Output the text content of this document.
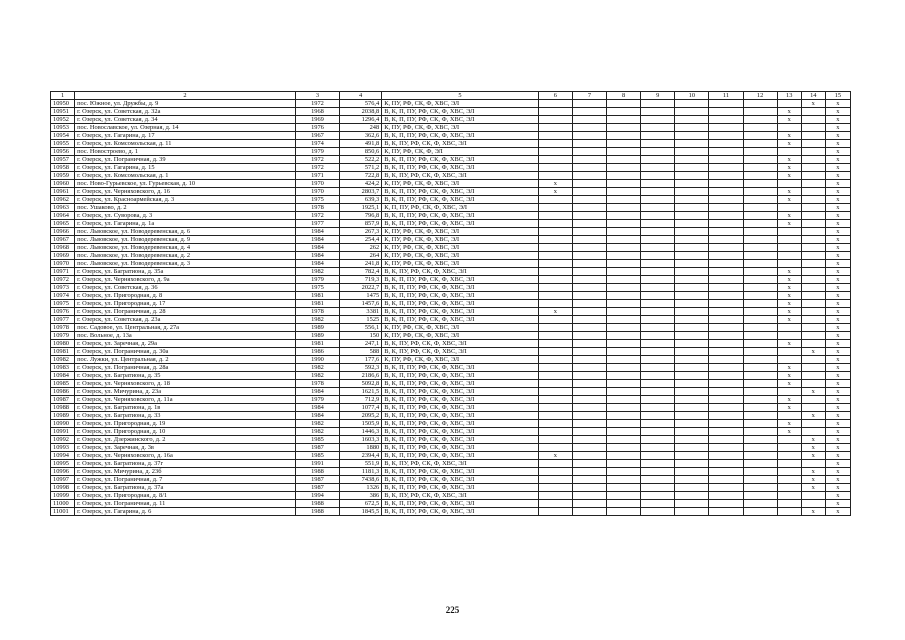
1	2	3	4	5	6	7	8	9	10	11	12	13	14	15
10950	пос. Южное, ул. Дружбы, д. 9	1972	576,4	К, ПУ, РФ, СК, Ф, ХВС, ЭЛ									x	x
10951	г. Озерск, ул. Советская, д. 32а	1968	2038,8	В, К, П, ПУ, РФ, СК, Ф, ХВС, ЭЛ								x		x
10952	г. Озерск, ул. Советская, д. 34	1969	1296,4	В, К, П, ПУ, РФ, СК, Ф, ХВС, ЭЛ								x		x
10953	пос. Новославское, ул. Озерная, д. 14	1976	248	К, ПУ, РФ, СК, Ф, ХВС, ЭЛ										x
10954	г. Озерск, ул. Гагарина, д. 17	1967	362,6	В, К, П, ПУ, РФ, СК, Ф, ХВС, ЭЛ								x		x
10955	г. Озерск, ул. Комсомольская, д. 11	1974	491,8	В, К, ПУ, РФ, СК, Ф, ХВС, ЭЛ								x		x
10956	пос. Новостроево, д. 1	1979	850,6	К, ПУ, РФ, СК, Ф, ЭЛ										x
10957	г. Озерск, ул. Пограничная, д. 39	1972	522,2	В, К, П, ПУ, РФ, СК, Ф, ХВС, ЭЛ								x		x
10958	г. Озерск, ул. Гагарина, д. 15	1972	571,2	В, К, П, ПУ, РФ, СК, Ф, ХВС, ЭЛ								x		x
10959	г. Озерск, ул. Комсомольская, д. 1	1971	722,8	В, К, ПУ, РФ, СК, Ф, ХВС, ЭЛ								x		x
10960	пос. Ново-Гурьевское, ул. Гурьевская, д. 10	1970	424,2	К, ПУ, РФ, СК, Ф, ХВС, ЭЛ	x									x
10961	г. Озерск, ул. Черняховского, д. 16	1970	2803,7	В, К, П, ПУ, РФ, СК, Ф, ХВС, ЭЛ	x							x		x
10962	г. Озерск, ул. Красноармейская, д. 3	1975	639,3	В, К, П, ПУ, РФ, СК, Ф, ХВС, ЭЛ								x		x
10963	пос. Ушаково, д. 2	1978	1925,1	К, П, ПУ, РФ, СК, Ф, ХВС, ЭЛ										x
10964	г. Озерск, ул. Суворова, д. 3	1972	796,8	В, К, П, ПУ, РФ, СК, Ф, ХВС, ЭЛ								x		x
10965	г. Озерск, ул. Гагарина, д. 1а	1977	857,9	В, К, П, ПУ, РФ, СК, Ф, ХВС, ЭЛ								x		x
10966	пос. Львовское, ул. Новодеревенская, д. 6	1984	267,3	К, ПУ, РФ, СК, Ф, ХВС, ЭЛ										x
10967	пос. Львовское, ул. Новодеревенская, д. 9	1984	254,4	К, ПУ, РФ, СК, Ф, ХВС, ЭЛ										x
10968	пос. Львовское, ул. Новодеревенская, д. 4	1984	262	К, ПУ, РФ, СК, Ф, ХВС, ЭЛ										x
10969	пос. Львовское, ул. Новодеревенская, д. 2	1984	264	К, ПУ, РФ, СК, Ф, ХВС, ЭЛ										x
10970	пос. Львовское, ул. Новодеревенская, д. 3	1984	241,8	К, ПУ, РФ, СК, Ф, ХВС, ЭЛ										x
10971	г. Озерск, ул. Багратиона, д. 35а	1982	782,4	В, К, ПУ, РФ, СК, Ф, ХВС, ЭЛ								x		x
10972	г. Озерск, ул. Черняховского, д. 9а	1979	719,3	В, К, П, ПУ, РФ, СК, Ф, ХВС, ЭЛ								x		x
10973	г. Озерск, ул. Советская, д. 36	1975	2022,7	В, К, П, ПУ, РФ, СК, Ф, ХВС, ЭЛ								x		x
10974	г. Озерск, ул. Пригородная, д. 8	1981	1475	В, К, П, ПУ, РФ, СК, Ф, ХВС, ЭЛ								x		x
10975	г. Озерск, ул. Пригородная, д. 17	1981	1457,6	В, К, П, ПУ, РФ, СК, Ф, ХВС, ЭЛ								x		x
10976	г. Озерск, ул. Пограничная, д. 28	1978	3381	В, К, П, ПУ, РФ, СК, Ф, ХВС, ЭЛ	x							x		x
10977	г. Озерск, ул. Советская, д. 23а	1982	1525	В, К, П, ПУ, РФ, СК, Ф, ХВС, ЭЛ								x		x
10978	пос. Садовое, ул. Центральная, д. 27а	1989	556,1	К, ПУ, РФ, СК, Ф, ХВС, ЭЛ										x
10979	пос. Вольное, д. 13а	1989	150	К, ПУ, РФ, СК, Ф, ХВС, ЭЛ										x
10980	г. Озерск, ул. Заречная, д. 29а	1981	247,1	В, К, ПУ, РФ, СК, Ф, ХВС, ЭЛ								x		x
10981	г. Озерск, ул. Пограничная, д. 30а	1986	588	В, К, ПУ, РФ, СК, Ф, ХВС, ЭЛ									x	x
10982	пос. Лужки, ул. Центральная, д. 2	1990	177,6	К, ПУ, РФ, СК, Ф, ХВС, ЭЛ										x
10983	г. Озерск, ул. Пограничная, д. 28а	1982	592,3	В, К, П, ПУ, РФ, СК, Ф, ХВС, ЭЛ								x		x
10984	г. Озерск, ул. Багратиона, д. 35	1982	2186,6	В, К, П, ПУ, РФ, СК, Ф, ХВС, ЭЛ								x		x
10985	г. Озерск, ул. Черняховского, д. 18	1978	5092,8	В, К, П, ПУ, РФ, СК, Ф, ХВС, ЭЛ								x		x
10986	г. Озерск, ул. Мичурина, д. 23а	1984	1621,5	В, К, П, ПУ, РФ, СК, Ф, ХВС, ЭЛ									x	x
10987	г. Озерск, ул. Черняховского, д. 11а	1979	712,9	В, К, П, ПУ, РФ, СК, Ф, ХВС, ЭЛ								x		x
10988	г. Озерск, ул. Багратиона, д. 1в	1984	1077,4	В, К, П, ПУ, РФ, СК, Ф, ХВС, ЭЛ								x		x
10989	г. Озерск, ул. Багратиона, д. 33	1984	2095,2	В, К, П, ПУ, РФ, СК, Ф, ХВС, ЭЛ									x	x
10990	г. Озерск, ул. Пригородная, д. 19	1982	1505,9	В, К, П, ПУ, РФ, СК, Ф, ХВС, ЭЛ								x		x
10991	г. Озерск, ул. Пригородная, д. 10	1982	1446,3	В, К, П, ПУ, РФ, СК, Ф, ХВС, ЭЛ								x		x
10992	г. Озерск, ул. Дзержинского, д. 2	1985	1603,3	В, К, П, ПУ, РФ, СК, Ф, ХВС, ЭЛ									x	x
10993	г. Озерск, ул. Заречная, д. 3в	1987	1880	В, К, П, ПУ, РФ, СК, Ф, ХВС, ЭЛ									x	x
10994	г. Озерск, ул. Черняховского, д. 16а	1985	2394,4	В, К, П, ПУ, РФ, СК, Ф, ХВС, ЭЛ	x								x	x
10995	г. Озерск, ул. Багратиона, д. 37г	1991	551,9	В, К, ПУ, РФ, СК, Ф, ХВС, ЭЛ										x
10996	г. Озерск, ул. Мичурина, д. 23б	1988	1181,3	В, К, П, ПУ, РФ, СК, Ф, ХВС, ЭЛ									x	x
10997	г. Озерск, ул. Пограничная, д. 7	1987	7438,6	В, К, П, ПУ, РФ, СК, Ф, ХВС, ЭЛ									x	x
10998	г. Озерск, ул. Багратиона, д. 37а	1987	1326	В, К, П, ПУ, РФ, СК, Ф, ХВС, ЭЛ									x	x
10999	г. Озерск, ул. Пригородная, д. 8/1	1994	386	В, К, ПУ, РФ, СК, Ф, ХВС, ЭЛ										x
11000	г. Озерск, ул. Пограничная, д. 11	1988	672,5	В, К, П, ПУ, РФ, СК, Ф, ХВС, ЭЛ										x
11001	г. Озерск, ул. Гагарина, д. 6	1988	1845,5	В, К, П, ПУ, РФ, СК, Ф, ХВС, ЭЛ									x	x
225
